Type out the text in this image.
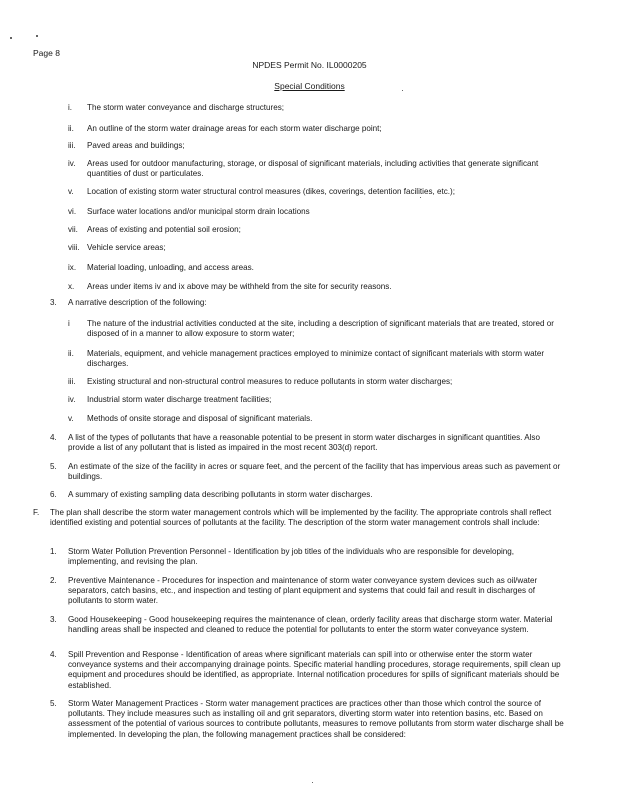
Page 8
NPDES Permit No. IL0000205
Special Conditions
i. The storm water conveyance and discharge structures;

ii. An outline of the storm water drainage areas for each storm water discharge point;

iii. Paved areas and buildings;

iv. Areas used for outdoor manufacturing, storage, or disposal of significant materials, including activities that generate significant quantities of dust or particulates.

v. Location of existing storm water structural control measures (dikes, coverings, detention facilities, etc.);

vi. Surface water locations and/or municipal storm drain locations

vii. Areas of existing and potential soil erosion;

viii. Vehicle service areas;

ix. Material loading, unloading, and access areas.

x. Areas under items iv and ix above may be withheld from the site for security reasons.

3. A narrative description of the following:

i The nature of the industrial activities conducted at the site, including a description of significant materials that are treated, stored or disposed of in a manner to allow exposure to storm water;

ii. Materials, equipment, and vehicle management practices employed to minimize contact of significant materials with storm water discharges.

iii. Existing structural and non-structural control measures to reduce pollutants in storm water discharges;

iv. Industrial storm water discharge treatment facilities;

v. Methods of onsite storage and disposal of significant materials.

4. A list of the types of pollutants that have a reasonable potential to be present in storm water discharges in significant quantities. Also provide a list of any pollutant that is listed as impaired in the most recent 303(d) report.

5. An estimate of the size of the facility in acres or square feet, and the percent of the facility that has impervious areas such as pavement or buildings.

6. A summary of existing sampling data describing pollutants in storm water discharges.

F. The plan shall describe the storm water management controls which will be implemented by the facility. The appropriate controls shall reflect identified existing and potential sources of pollutants at the facility. The description of the storm water management controls shall include:

1. Storm Water Pollution Prevention Personnel - Identification by job titles of the individuals who are responsible for developing, implementing, and revising the plan.

2. Preventive Maintenance - Procedures for inspection and maintenance of storm water conveyance system devices such as oil/water separators, catch basins, etc., and inspection and testing of plant equipment and systems that could fail and result in discharges of pollutants to storm water.

3. Good Housekeeping - Good housekeeping requires the maintenance of clean, orderly facility areas that discharge storm water. Material handling areas shall be inspected and cleaned to reduce the potential for pollutants to enter the storm water conveyance system.

4. Spill Prevention and Response - Identification of areas where significant materials can spill into or otherwise enter the storm water conveyance systems and their accompanying drainage points. Specific material handling procedures, storage requirements, spill clean up equipment and procedures should be identified, as appropriate. Internal notification procedures for spills of significant materials should be established.

5. Storm Water Management Practices - Storm water management practices are practices other than those which control the source of pollutants. They include measures such as installing oil and grit separators, diverting storm water into retention basins, etc. Based on assessment of the potential of various sources to contribute pollutants, measures to remove pollutants from storm water discharge shall be implemented. In developing the plan, the following management practices shall be considered:
